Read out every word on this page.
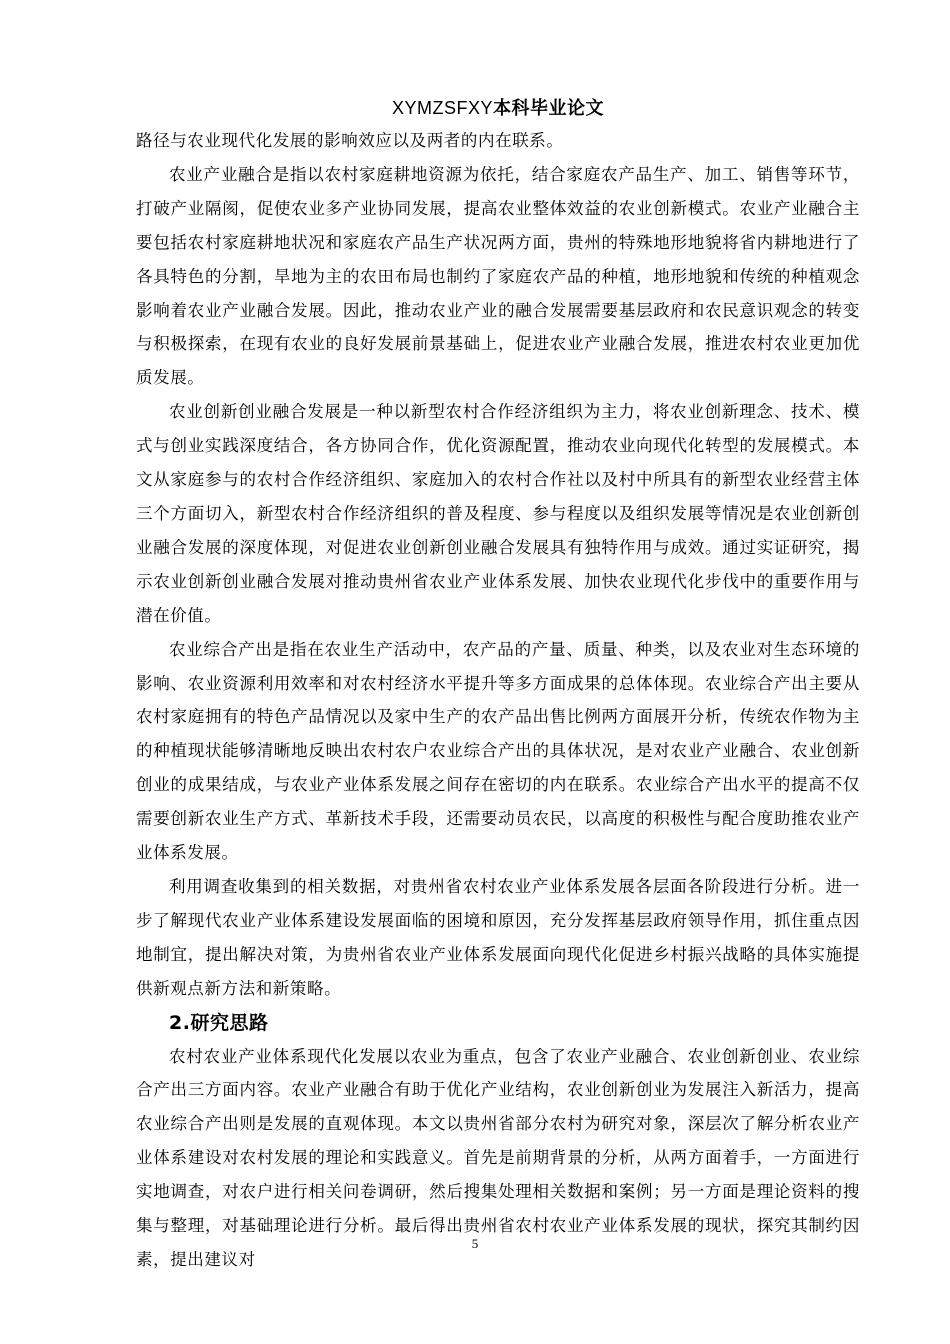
XYMZSFXY本科毕业论文

路径与农业现代化发展的影响效应以及两者的内在联系。

农业产业融合是指以农村家庭耕地资源为依托，结合家庭农产品生产、加工、销售等环节，打破产业隔阂，促使农业多产业协同发展，提高农业整体效益的农业创新模式。农业产业融合主要包括农村家庭耕地状况和家庭农产品生产状况两方面，贵州的特殊地形地貌将省内耕地进行了各具特色的分割，旱地为主的农田布局也制约了家庭农产品的种植，地形地貌和传统的种植观念影响着农业产业融合发展。因此，推动农业产业的融合发展需要基层政府和农民意识观念的转变与积极探索，在现有农业的良好发展前景基础上，促进农业产业融合发展，推进农村农业更加优质发展。

农业创新创业融合发展是一种以新型农村合作经济组织为主力，将农业创新理念、技术、模式与创业实践深度结合，各方协同合作，优化资源配置，推动农业向现代化转型的发展模式。本文从家庭参与的农村合作经济组织、家庭加入的农村合作社以及村中所具有的新型农业经营主体三个方面切入，新型农村合作经济组织的普及程度、参与程度以及组织发展等情况是农业创新创业融合发展的深度体现，对促进农业创新创业融合发展具有独特作用与成效。通过实证研究，揭示农业创新创业融合发展对推动贵州省农业产业体系发展、加快农业现代化步伐中的重要作用与潜在价值。

农业综合产出是指在农业生产活动中，农产品的产量、质量、种类，以及农业对生态环境的影响、农业资源利用效率和对农村经济水平提升等多方面成果的总体体现。农业综合产出主要从农村家庭拥有的特色产品情况以及家中生产的农产品出售比例两方面展开分析，传统农作物为主的种植现状能够清晰地反映出农村农户农业综合产出的具体状况，是对农业产业融合、农业创新创业的成果结成，与农业产业体系发展之间存在密切的内在联系。农业综合产出水平的提高不仅需要创新农业生产方式、革新技术手段，还需要动员农民，以高度的积极性与配合度助推农业产业体系发展。

利用调查收集到的相关数据，对贵州省农村农业产业体系发展各层面各阶段进行分析。进一步了解现代农业产业体系建设发展面临的困境和原因，充分发挥基层政府领导作用，抓住重点因地制宜，提出解决对策，为贵州省农业产业体系发展面向现代化促进乡村振兴战略的具体实施提供新观点新方法和新策略。

2.研究思路

农村农业产业体系现代化发展以农业为重点，包含了农业产业融合、农业创新创业、农业综合产出三方面内容。农业产业融合有助于优化产业结构，农业创新创业为发展注入新活力，提高农业综合产出则是发展的直观体现。本文以贵州省部分农村为研究对象，深层次了解分析农业产业体系建设对农村发展的理论和实践意义。首先是前期背景的分析，从两方面着手，一方面进行实地调查，对农户进行相关问卷调研，然后搜集处理相关数据和案例；另一方面是理论资料的搜集与整理，对基础理论进行分析。最后得出贵州省农村农业产业体系发展的现状，探究其制约因素，提出建议对

5
